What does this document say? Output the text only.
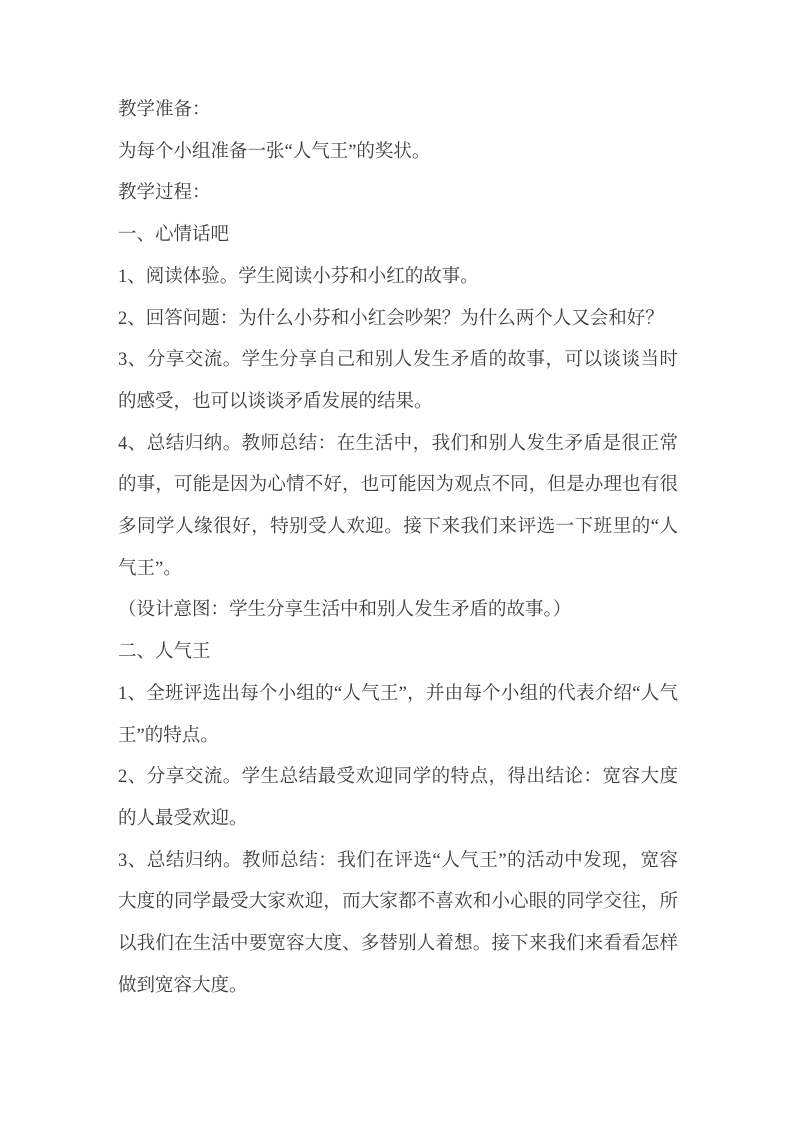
教学准备：

为每个小组准备一张“人气王”的奖状。

教学过程：

一、心情话吧

1、阅读体验。学生阅读小芬和小红的故事。

2、回答问题：为什么小芬和小红会吵架？为什么两个人又会和好？

3、分享交流。学生分享自己和别人发生矛盾的故事，可以谈谈当时的感受，也可以谈谈矛盾发展的结果。

4、总结归纳。教师总结：在生活中，我们和别人发生矛盾是很正常的事，可能是因为心情不好，也可能因为观点不同，但是办理也有很多同学人缘很好，特别受人欢迎。接下来我们来评选一下班里的“人气王”。

（设计意图：学生分享生活中和别人发生矛盾的故事。）

二、人气王

1、全班评选出每个小组的“人气王”，并由每个小组的代表介绍“人气王”的特点。

2、分享交流。学生总结最受欢迎同学的特点，得出结论：宽容大度的人最受欢迎。

3、总结归纳。教师总结：我们在评选“人气王”的活动中发现，宽容大度的同学最受大家欢迎，而大家都不喜欢和小心眼的同学交往，所以我们在生活中要宽容大度、多替别人着想。接下来我们来看看怎样做到宽容大度。
